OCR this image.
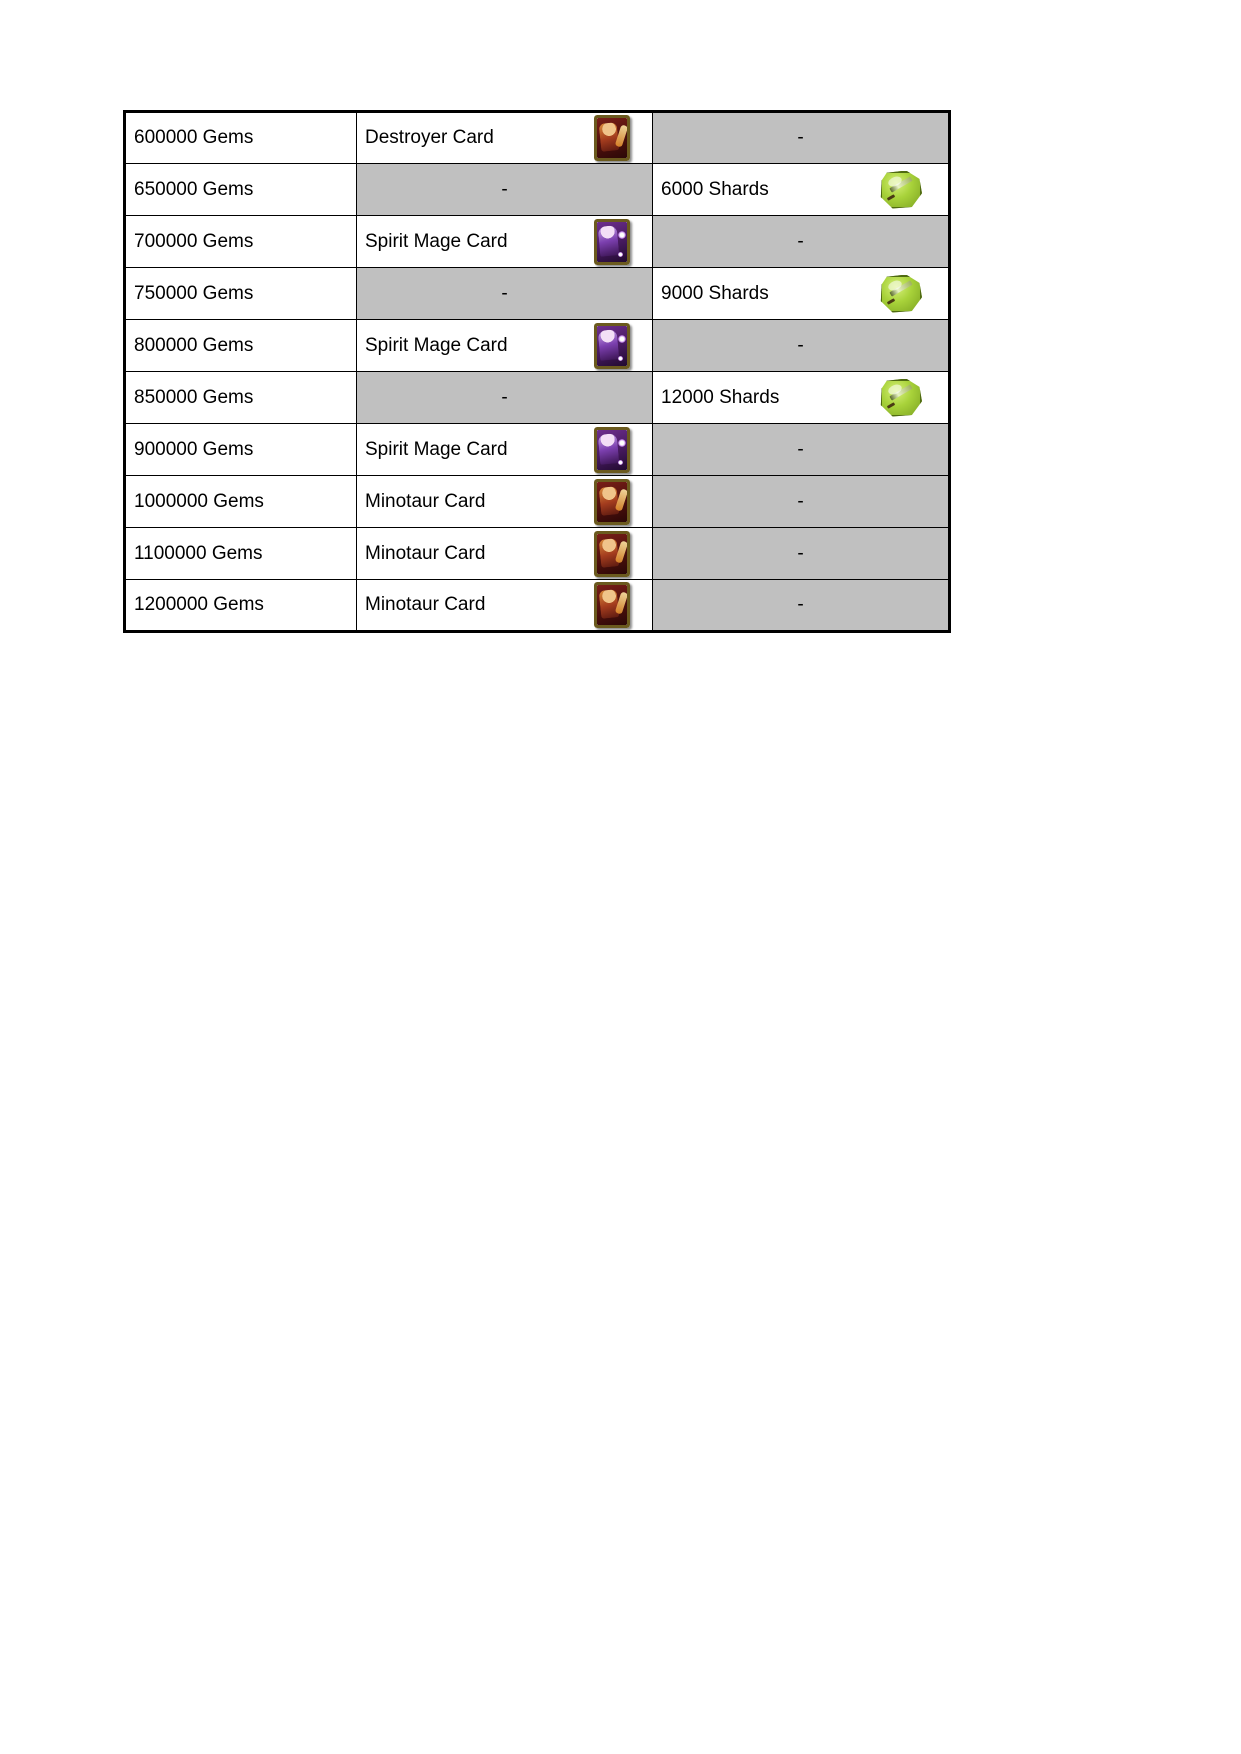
600000 Gems	Destroyer Card	-

650000 Gems	-	6000 Shards

700000 Gems	Spirit Mage Card	-

750000 Gems	-	9000 Shards

800000 Gems	Spirit Mage Card	-

850000 Gems	-	12000 Shards

900000 Gems	Spirit Mage Card	-

1000000 Gems	Minotaur Card	-

1100000 Gems	Minotaur Card	-

1200000 Gems	Minotaur Card	-
